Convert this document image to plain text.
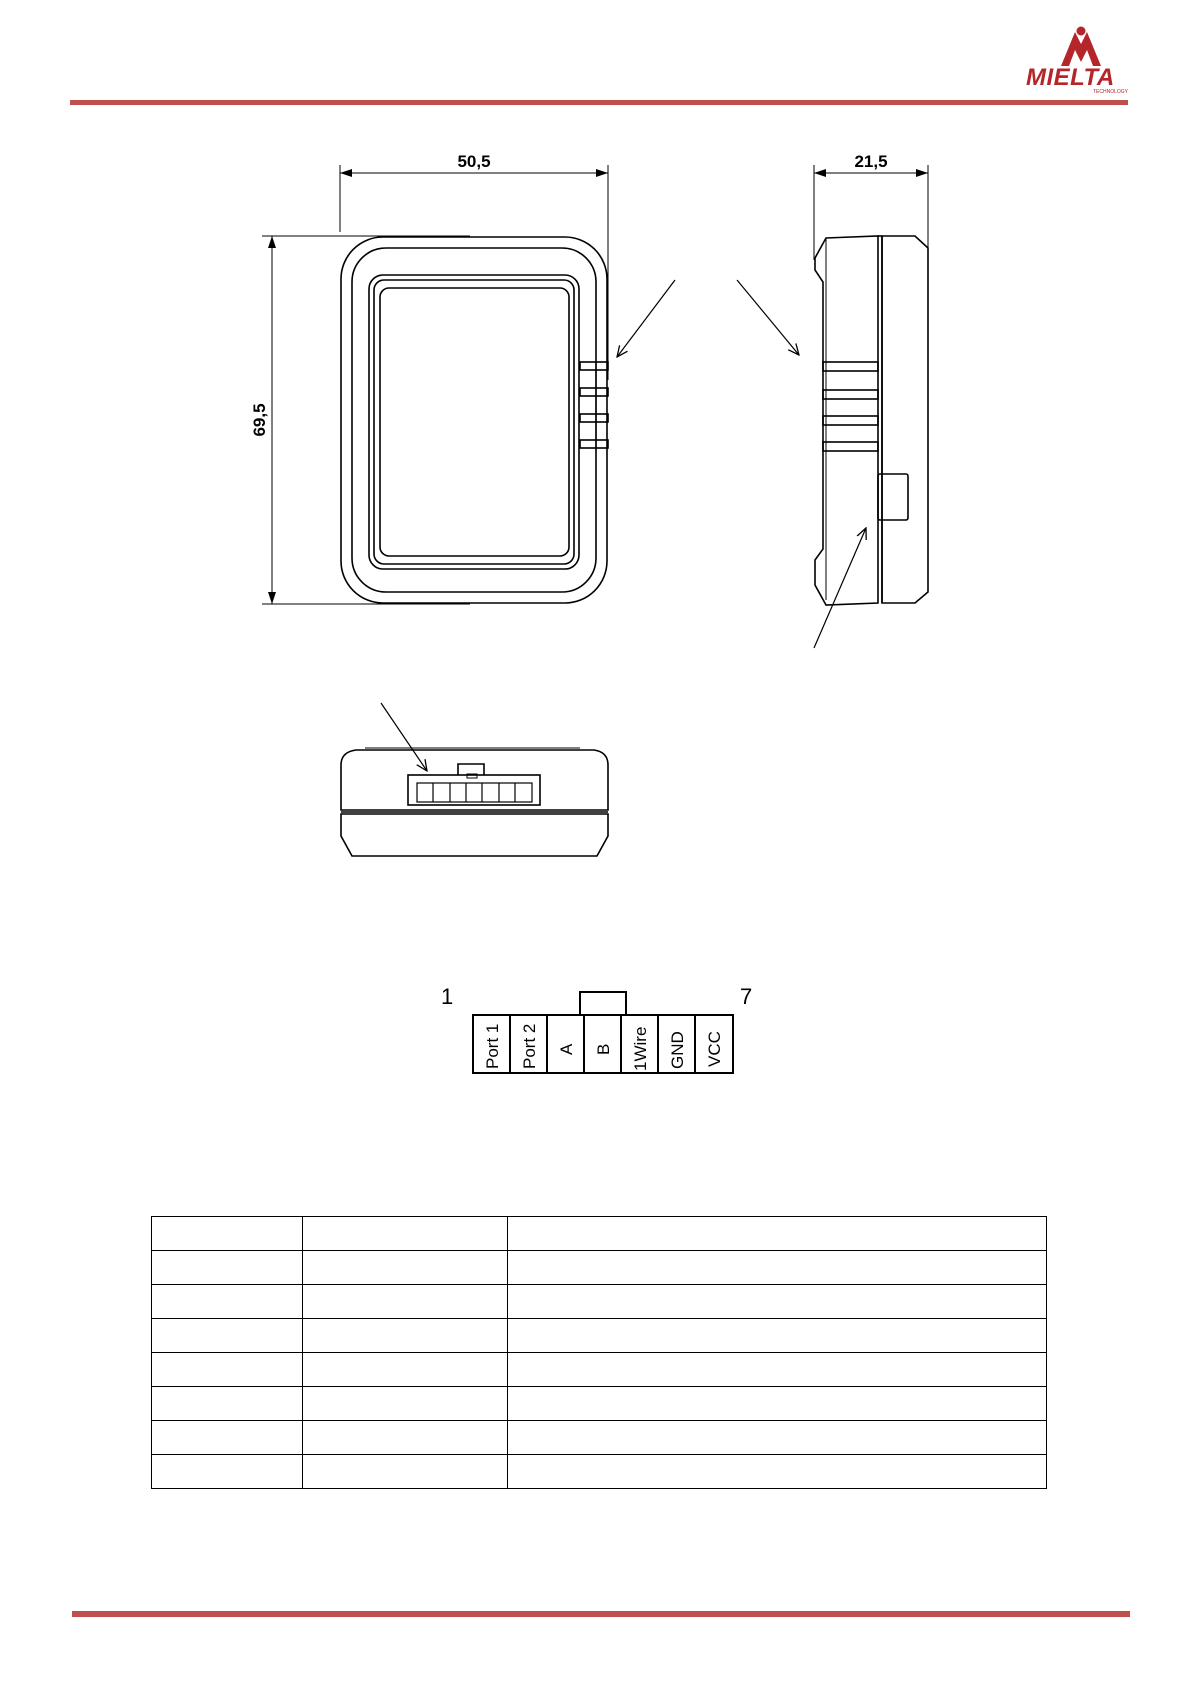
MIELTA
TECHNOLOGY
50,5	21,5
69,5
1	7
Port 1 Port 2 A B 1Wire GND VCC
